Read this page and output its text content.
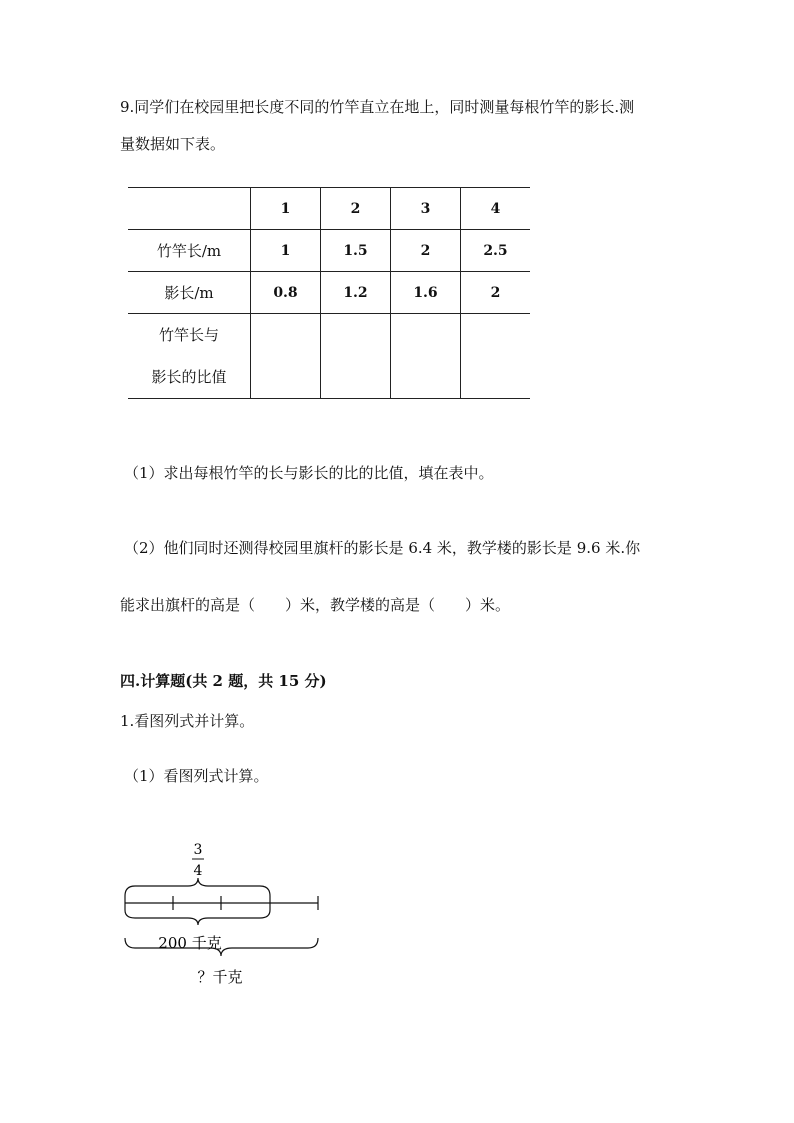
9.同学们在校园里把长度不同的竹竿直立在地上，同时测量每根竹竿的影长.测
量数据如下表。
	1	2	3	4
竹竿长/m	1	1.5	2	2.5
影长/m	0.8	1.2	1.6	2

竹竿长与
影长的比值				

（1）求出每根竹竿的长与影长的比的比值，填在表中。
（2）他们同时还测得校园里旗杆的影长是 6.4 米，教学楼的影长是 9.6 米.你
能求出旗杆的高是（　　）米，教学楼的高是（　　）米。
四.计算题(共 2 题，共 15 分)
1.看图列式并计算。
（1）看图列式计算。
3
4
200 千克
？千克
